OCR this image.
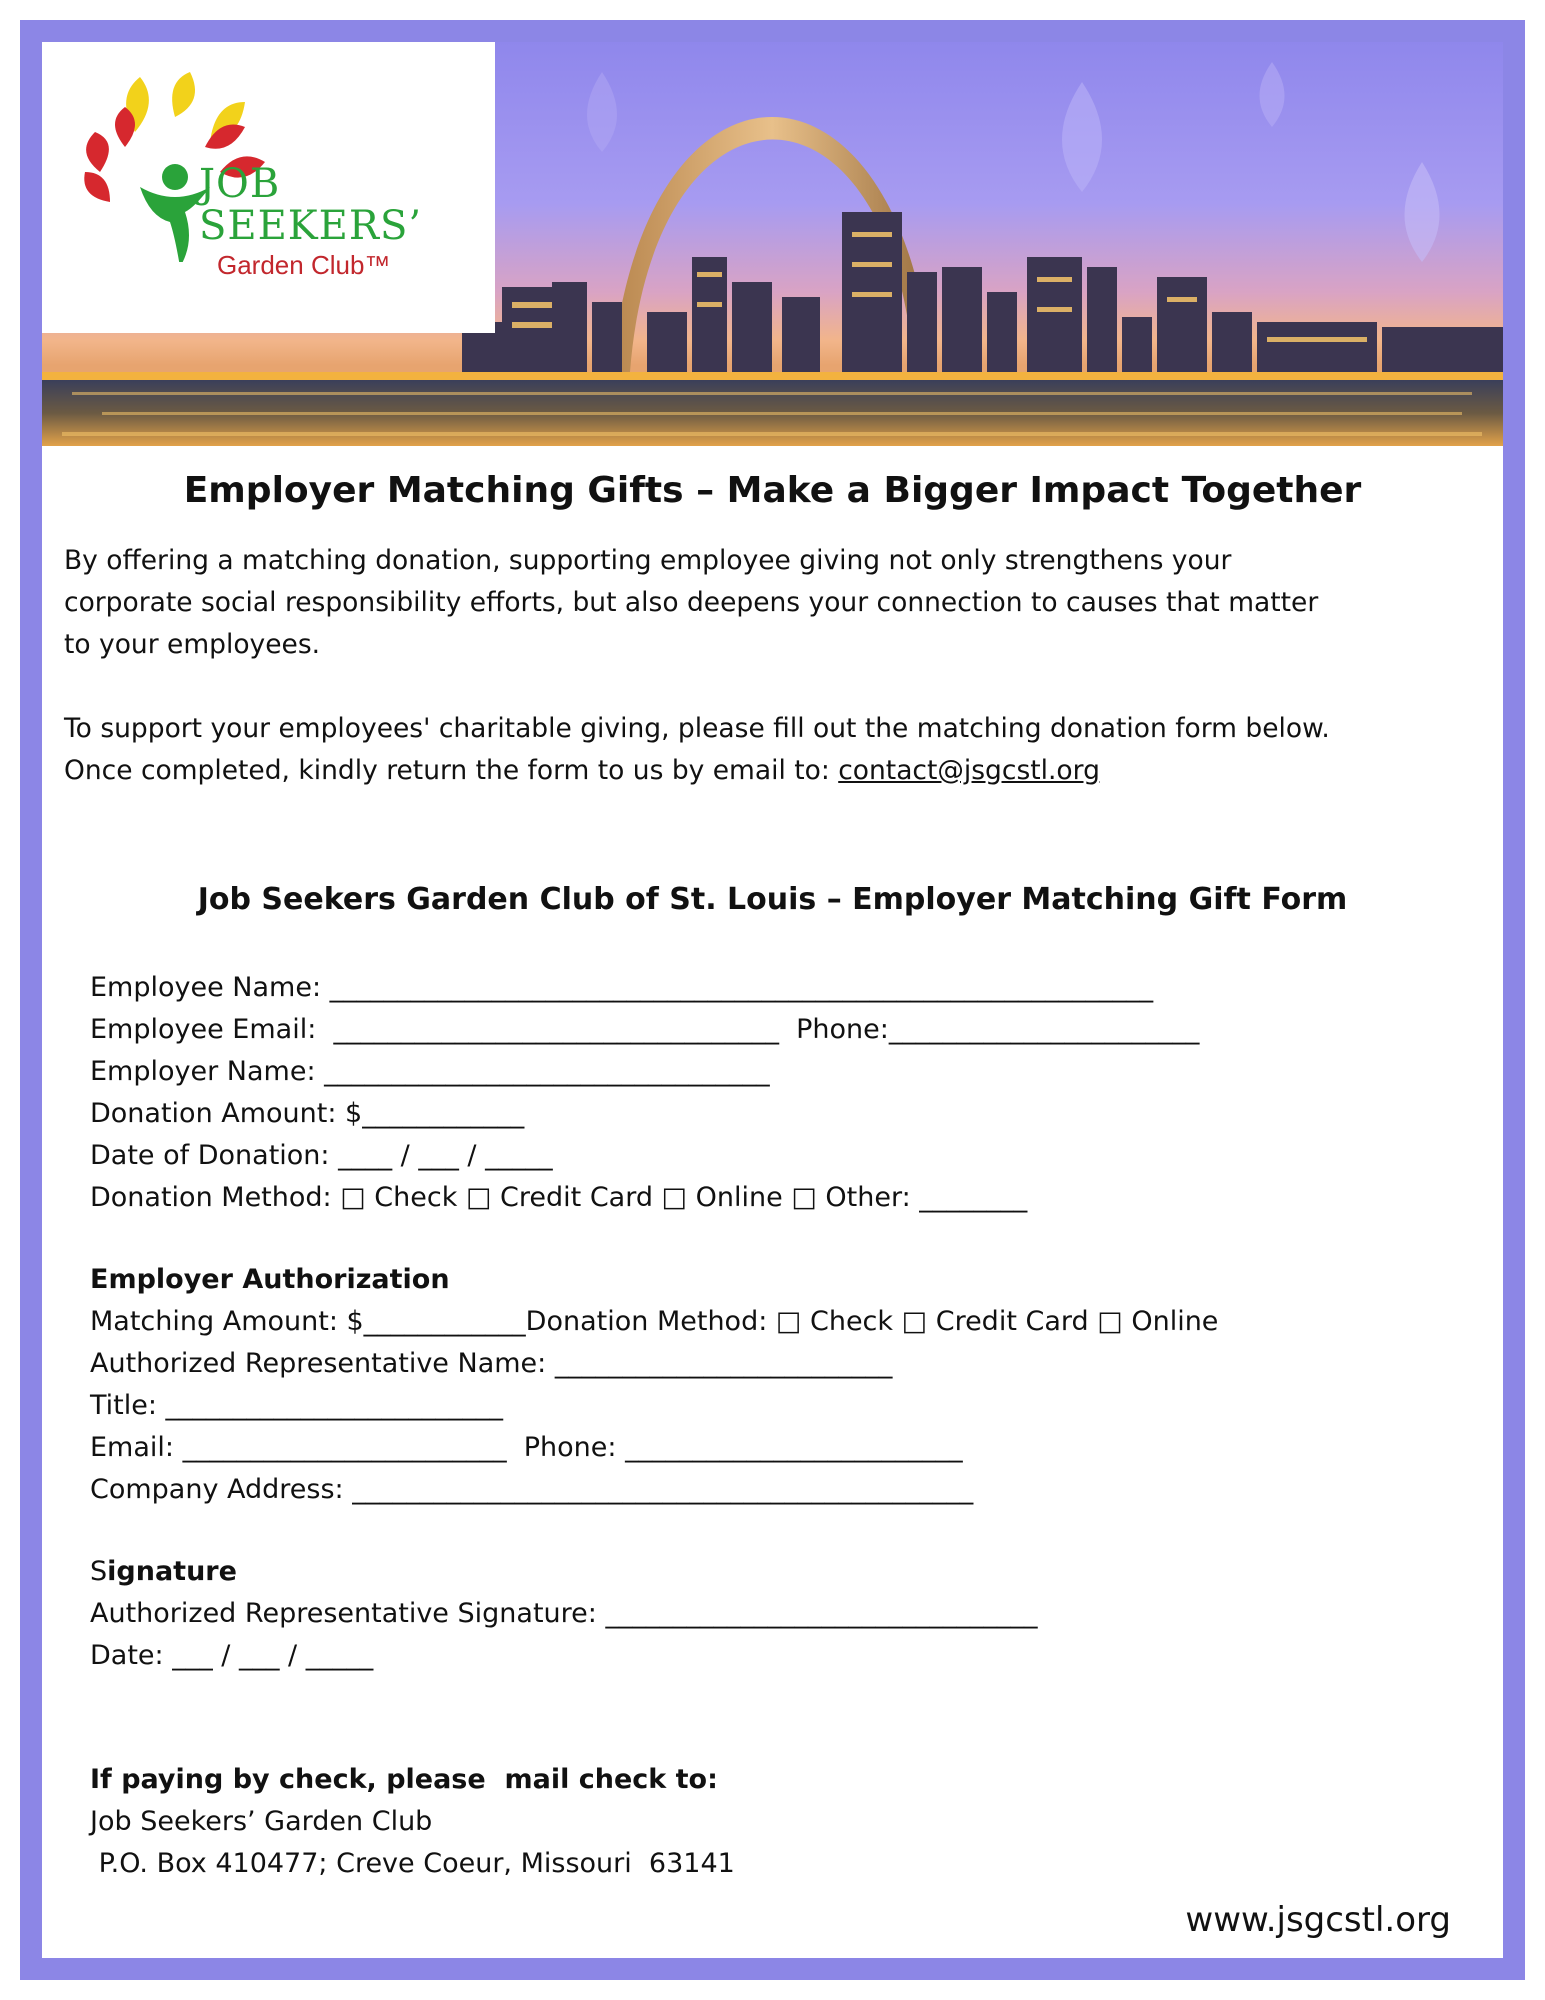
JOB
SEEKERS’
Garden Club™
Employer Matching Gifts – Make a Bigger Impact Together
By offering a matching donation, supporting employee giving not only strengthens your
corporate social responsibility efforts, but also deepens your connection to causes that matter
to your employees.
To support your employees' charitable giving, please fill out the matching donation form below.
Once completed, kindly return the form to us by email to: contact@jsgcstl.org
Job Seekers Garden Club of St. Louis – Employer Matching Gift Form
Employee Name: _____________________________________________________________
Employee Email:  _________________________________  Phone:_______________________
Employer Name: _________________________________
Donation Amount: $____________
Date of Donation: ____ / ___ / _____
Donation Method: □ Check □ Credit Card □ Online □ Other: ________
Employer Authorization
Matching Amount: $____________Donation Method: □ Check □ Credit Card □ Online
Authorized Representative Name: _________________________
Title: _________________________
Email: ________________________  Phone: _________________________
Company Address: ______________________________________________
Signature
Authorized Representative Signature: ________________________________
Date: ___ / ___ / _____
If paying by check, please  mail check to:
Job Seekers’ Garden Club
P.O. Box 410477; Creve Coeur, Missouri  63141
www.jsgcstl.org
